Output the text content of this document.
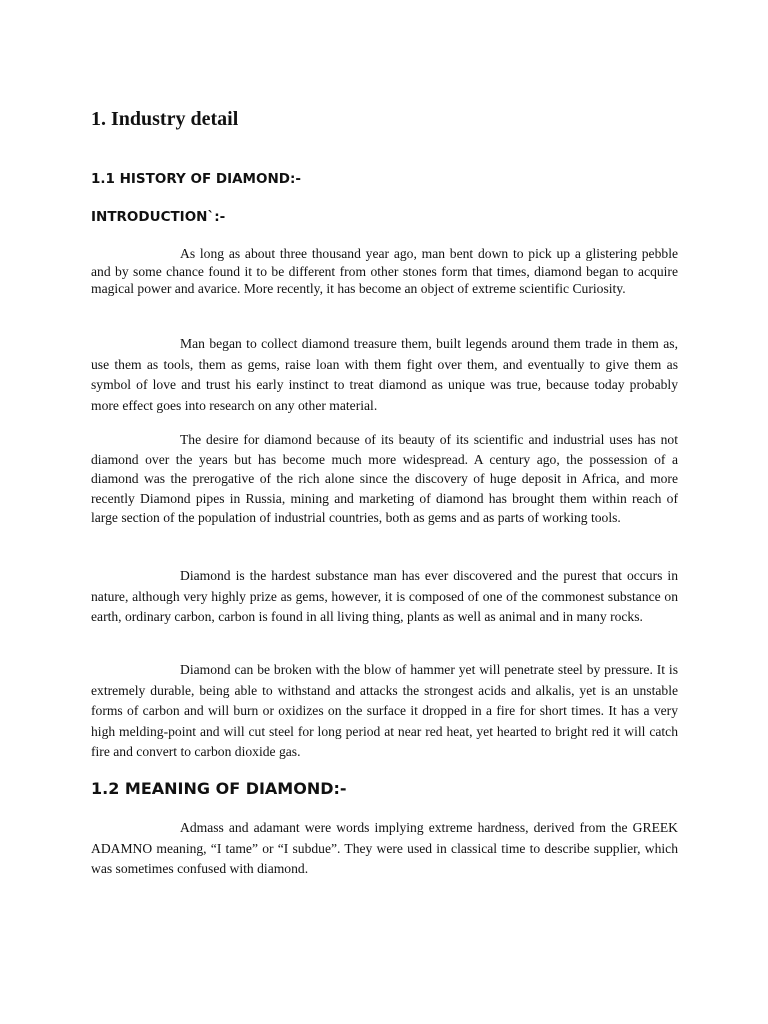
1. Industry detail
1.1 HISTORY OF DIAMOND:-
INTRODUCTION`:-

As long as about three thousand year ago, man bent down to pick up a glistering pebble and by some chance found it to be different from other stones form that times, diamond began to acquire magical power and avarice. More recently, it has become an object of extreme scientific Curiosity.

Man began to collect diamond treasure them, built legends around them trade in them as, use them as tools, them as gems, raise loan with them fight over them, and eventually to give them as symbol of love and trust his early instinct to treat diamond as unique was true, because today probably more effect goes into research on any other material.

The desire for diamond because of its beauty of its scientific and industrial uses has not diamond over the years but has become much more widespread. A century ago, the possession of a diamond was the prerogative of the rich alone since the discovery of huge deposit in Africa, and more recently Diamond pipes in Russia, mining and marketing of diamond has brought them within reach of large section of the population of industrial countries, both as gems and as parts of working tools.

Diamond is the hardest substance man has ever discovered and the purest that occurs in nature, although very highly prize as gems, however, it is composed of one of the commonest substance on earth, ordinary carbon, carbon is found in all living thing, plants as well as animal and in many rocks.

Diamond can be broken with the blow of hammer yet will penetrate steel by pressure. It is extremely durable, being able to withstand and attacks the strongest acids and alkalis, yet is an unstable forms of carbon and will burn or oxidizes on the surface it dropped in a fire for short times. It has a very high melding-point and will cut steel for long period at near red heat, yet hearted to bright red it will catch fire and convert to carbon dioxide gas.

1.2 MEANING OF DIAMOND:-

Admass and adamant were words implying extreme hardness, derived from the GREEK ADAMNO meaning, “I tame” or “I subdue”. They were used in classical time to describe supplier, which was sometimes confused with diamond.
